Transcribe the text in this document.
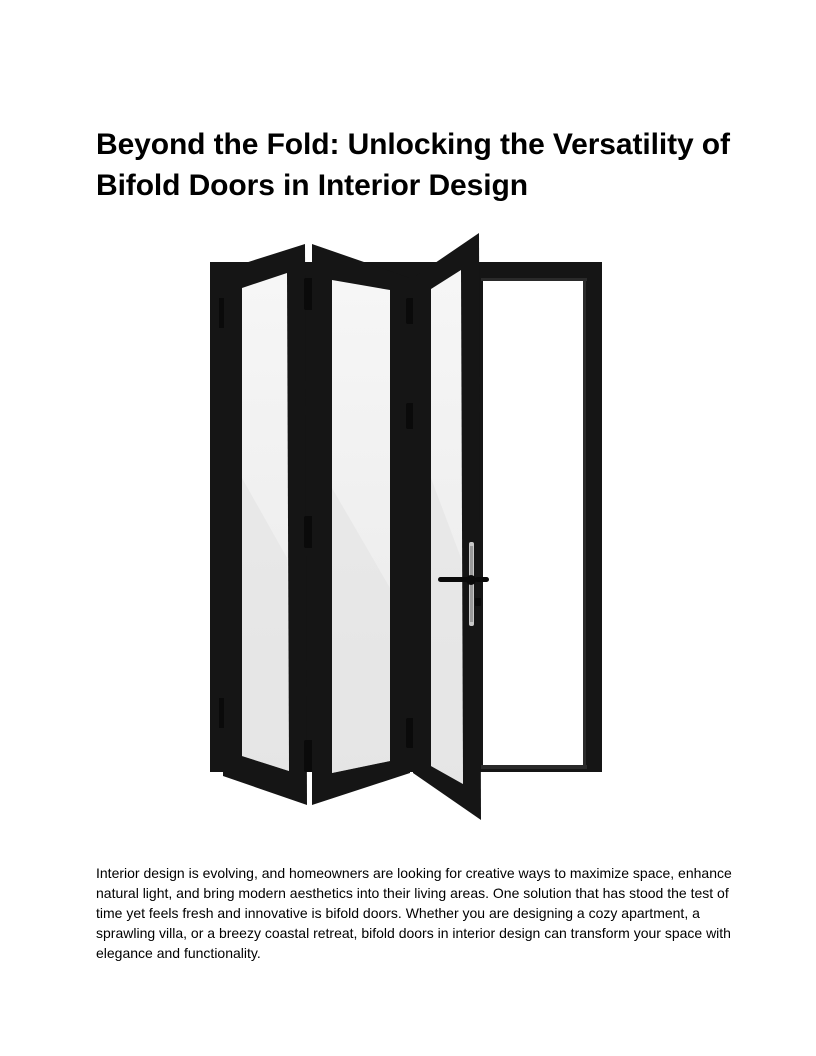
Beyond the Fold: Unlocking the Versatility of Bifold Doors in Interior Design

Interior design is evolving, and homeowners are looking for creative ways to maximize space, enhance natural light, and bring modern aesthetics into their living areas. One solution that has stood the test of time yet feels fresh and innovative is bifold doors. Whether you are designing a cozy apartment, a sprawling villa, or a breezy coastal retreat, bifold doors in interior design can transform your space with elegance and functionality.
